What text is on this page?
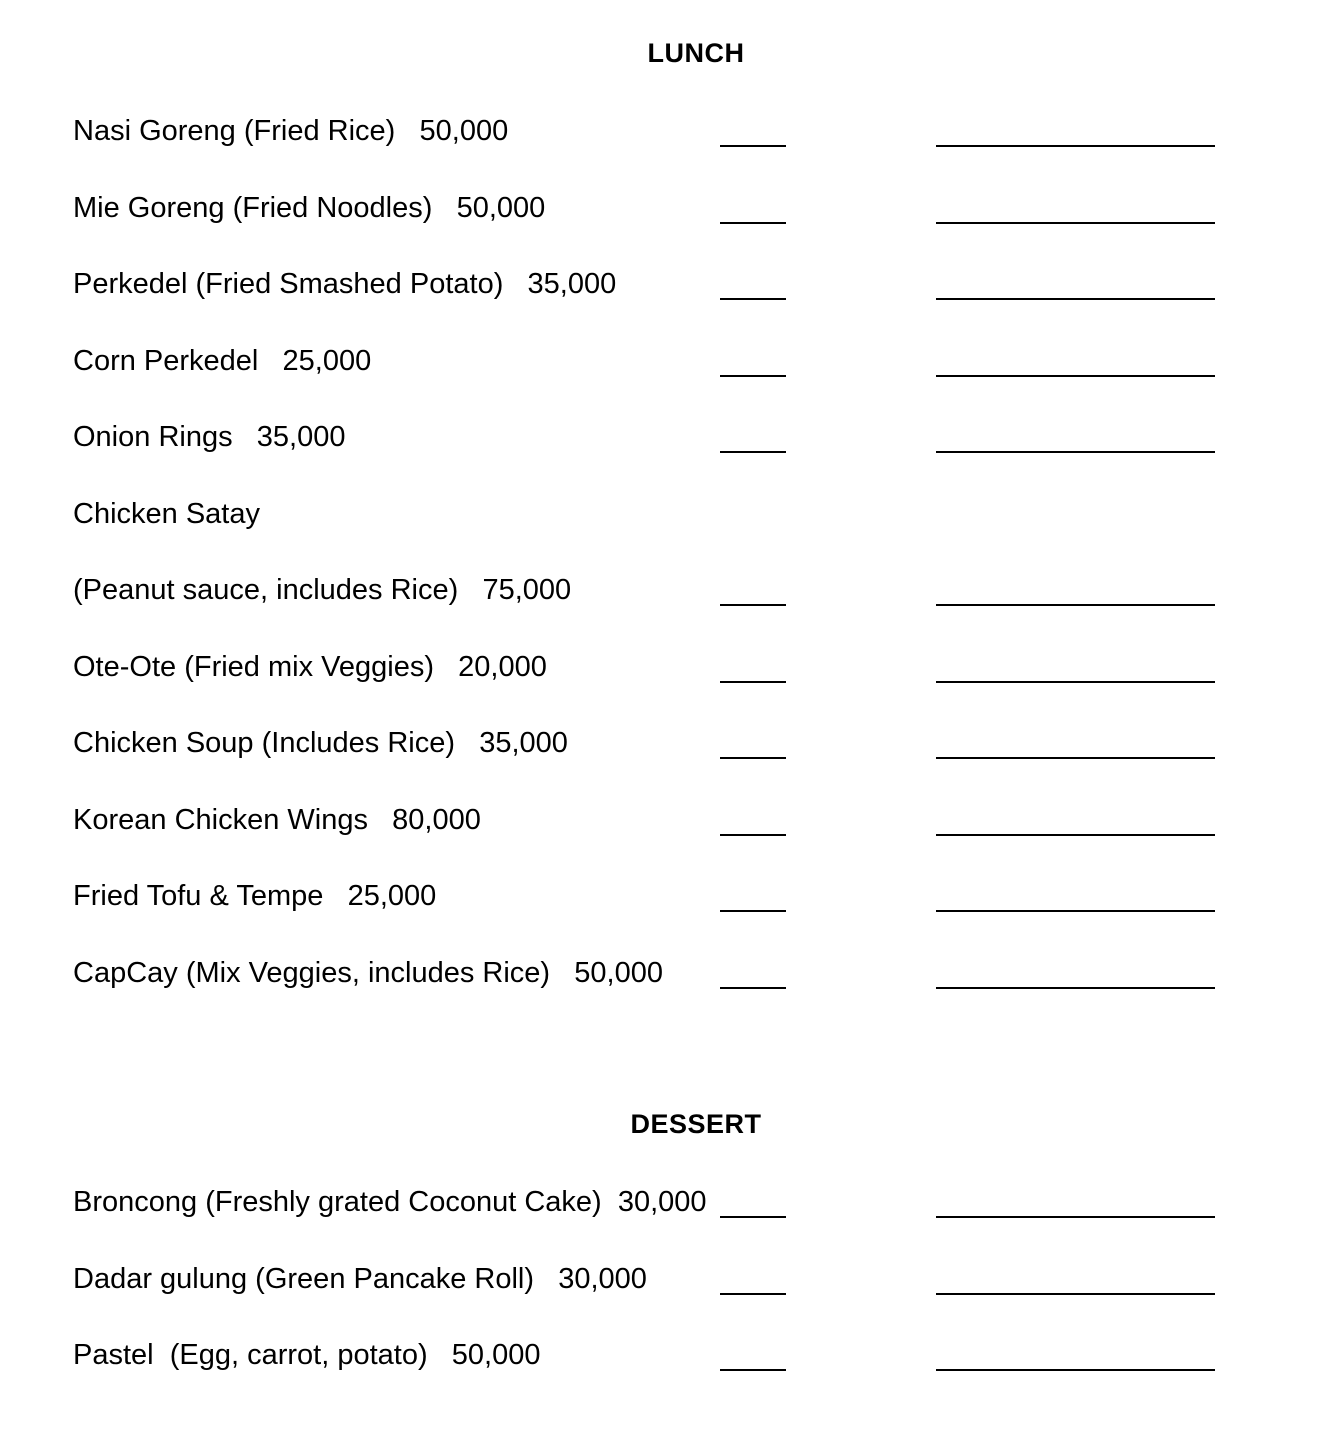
LUNCH
Nasi Goreng (Fried Rice) 50,000
Mie Goreng (Fried Noodles) 50,000
Perkedel (Fried Smashed Potato) 35,000
Corn Perkedel 25,000
Onion Rings 35,000
Chicken Satay
(Peanut sauce, includes Rice) 75,000
Ote-Ote (Fried mix Veggies) 20,000
Chicken Soup (Includes Rice) 35,000
Korean Chicken Wings 80,000
Fried Tofu & Tempe 25,000
CapCay (Mix Veggies, includes Rice) 50,000
DESSERT
Broncong (Freshly grated Coconut Cake) 30,000
Dadar gulung (Green Pancake Roll) 30,000
Pastel  (Egg, carrot, potato) 50,000
